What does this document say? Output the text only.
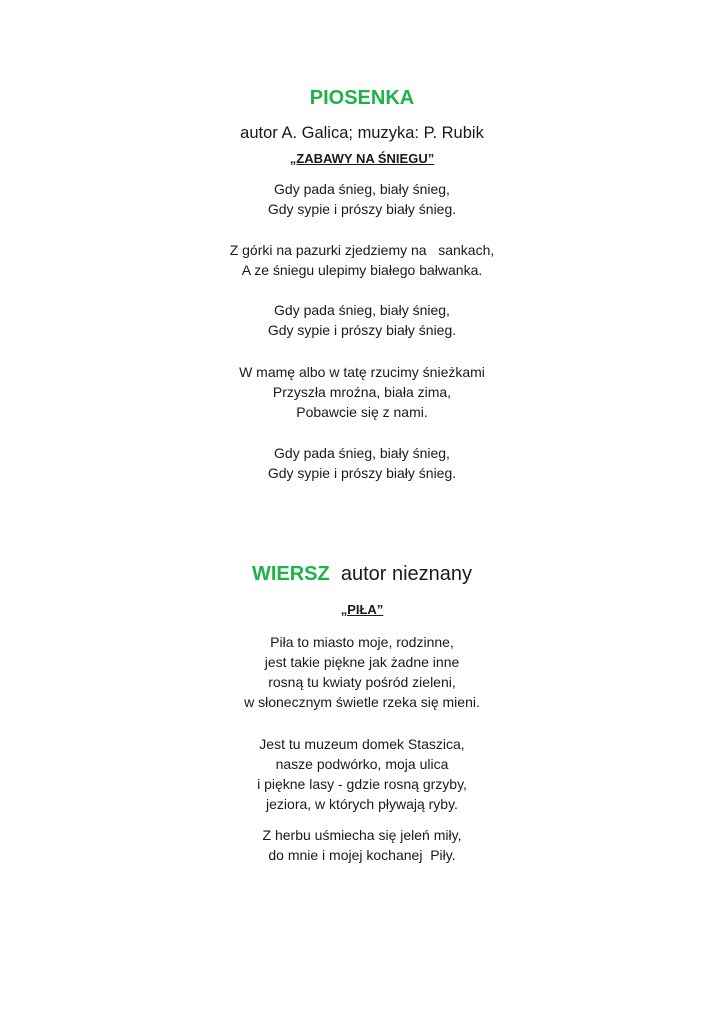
PIOSENKA
autor A. Galica; muzyka: P. Rubik
„ZABAWY NA ŚNIEGU”
Gdy pada śnieg, biały śnieg,
Gdy sypie i prószy biały śnieg.
Z górki na pazurki zjedziemy na   sankach,
A ze śniegu ulepimy białego bałwanka.
Gdy pada śnieg, biały śnieg,
Gdy sypie i prószy biały śnieg.
W mamę albo w tatę rzucimy śnieżkami
Przyszła mroźna, biała zima,
Pobawcie się z nami.
Gdy pada śnieg, biały śnieg,
Gdy sypie i prószy biały śnieg.
WIERSZ autor nieznany
„PIŁA”
Piła to miasto moje, rodzinne,
jest takie piękne jak żadne inne
rosną tu kwiaty pośród zieleni,
w słonecznym świetle rzeka się mieni.
Jest tu muzeum domek Staszica,
nasze podwórko, moja ulica
i piękne lasy - gdzie rosną grzyby,
jeziora, w których pływają ryby.
Z herbu uśmiecha się jeleń miły,
do mnie i mojej kochanej  Piły.
